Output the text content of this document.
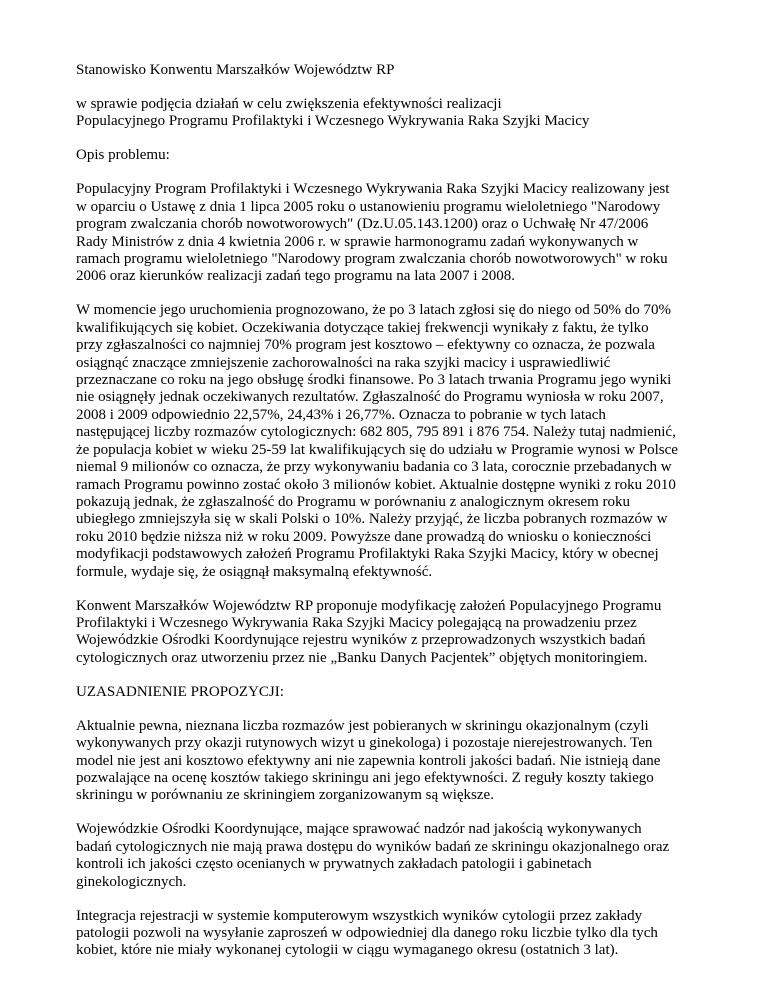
Stanowisko Konwentu Marszałków Województw RP

w sprawie podjęcia działań w celu zwiększenia efektywności realizacji
Populacyjnego Programu Profilaktyki i Wczesnego Wykrywania Raka Szyjki Macicy

Opis problemu:

Populacyjny Program Profilaktyki i Wczesnego Wykrywania Raka Szyjki Macicy realizowany jest
w oparciu o Ustawę z dnia 1 lipca 2005 roku o ustanowieniu programu wieloletniego "Narodowy
program zwalczania chorób nowotworowych" (Dz.U.05.143.1200) oraz o Uchwałę Nr 47/2006
Rady Ministrów z dnia 4 kwietnia 2006 r. w sprawie harmonogramu zadań wykonywanych w
ramach programu wieloletniego "Narodowy program zwalczania chorób nowotworowych" w roku
2006 oraz kierunków realizacji zadań tego programu na lata 2007 i 2008.

W momencie jego uruchomienia prognozowano, że po 3 latach zgłosi się do niego od 50% do 70%
kwalifikujących się kobiet. Oczekiwania dotyczące takiej frekwencji wynikały z faktu, że tylko
przy zgłaszalności co najmniej 70% program jest kosztowo – efektywny co oznacza, że pozwala
osiągnąć znaczące zmniejszenie zachorowalności na raka szyjki macicy i usprawiedliwić
przeznaczane co roku na jego obsługę środki finansowe. Po 3 latach trwania Programu jego wyniki
nie osiągnęły jednak oczekiwanych rezultatów. Zgłaszalność do Programu wyniosła w roku 2007,
2008 i 2009 odpowiednio 22,57%, 24,43% i 26,77%. Oznacza to pobranie w tych latach
następującej liczby rozmazów cytologicznych: 682 805, 795 891 i 876 754. Należy tutaj nadmienić,
że populacja kobiet w wieku 25-59 lat kwalifikujących się do udziału w Programie wynosi w Polsce
niemal 9 milionów co oznacza, że przy wykonywaniu badania co 3 lata, corocznie przebadanych w
ramach Programu powinno zostać około 3 milionów kobiet. Aktualnie dostępne wyniki z roku 2010
pokazują jednak, że zgłaszalność do Programu w porównaniu z analogicznym okresem roku
ubiegłego zmniejszyła się w skali Polski o 10%. Należy przyjąć, że liczba pobranych rozmazów w
roku 2010 będzie niższa niż w roku 2009. Powyższe dane prowadzą do wniosku o konieczności
modyfikacji podstawowych założeń Programu Profilaktyki Raka Szyjki Macicy, który w obecnej
formule, wydaje się, że osiągnął maksymalną efektywność.

Konwent Marszałków Województw RP proponuje modyfikację założeń Populacyjnego Programu
Profilaktyki i Wczesnego Wykrywania Raka Szyjki Macicy polegającą na prowadzeniu przez
Wojewódzkie Ośrodki Koordynujące rejestru wyników z przeprowadzonych wszystkich badań
cytologicznych oraz utworzeniu przez nie „Banku Danych Pacjentek” objętych monitoringiem.

UZASADNIENIE PROPOZYCJI:

Aktualnie pewna, nieznana liczba rozmazów jest pobieranych w skriningu okazjonalnym (czyli
wykonywanych przy okazji rutynowych wizyt u ginekologa) i pozostaje nierejestrowanych. Ten
model nie jest ani kosztowo efektywny ani nie zapewnia kontroli jakości badań. Nie istnieją dane
pozwalające na ocenę kosztów takiego skriningu ani jego efektywności. Z reguły koszty takiego
skriningu w porównaniu ze skriningiem zorganizowanym są większe.

Wojewódzkie Ośrodki Koordynujące, mające sprawować nadzór nad jakością wykonywanych
badań cytologicznych nie mają prawa dostępu do wyników badań ze skriningu okazjonalnego oraz
kontroli ich jakości często ocenianych w prywatnych zakładach patologii i gabinetach
ginekologicznych.

Integracja rejestracji w systemie komputerowym wszystkich wyników cytologii przez zakłady
patologii pozwoli na wysyłanie zaproszeń w odpowiedniej dla danego roku liczbie tylko dla tych
kobiet, które nie miały wykonanej cytologii w ciągu wymaganego okresu (ostatnich 3 lat).
